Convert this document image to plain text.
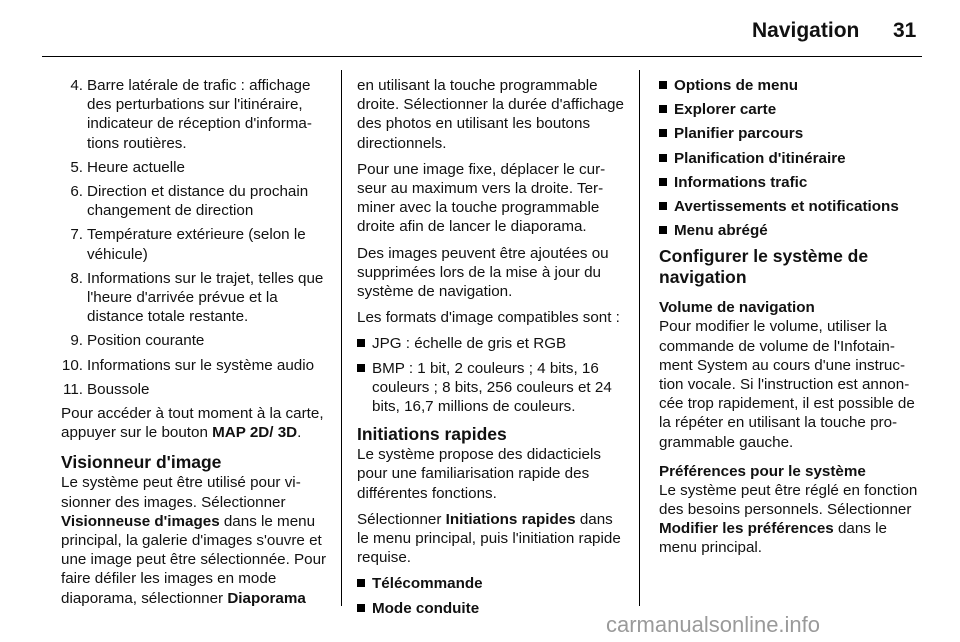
Navigation 31
4. Barre latérale de trafic : affichage des perturbations sur l'itinéraire, indicateur de réception d'informations routières.
5. Heure actuelle
6. Direction et distance du prochain changement de direction
7. Température extérieure (selon le véhicule)
8. Informations sur le trajet, telles que l'heure d'arrivée prévue et la distance totale restante.
9. Position courante
10. Informations sur le système audio
11. Boussole

Pour accéder à tout moment à la carte, appuyer sur le bouton MAP 2D/ 3D.

Visionneur d'image

Le système peut être utilisé pour visionner des images. Sélectionner Visionneuse d'images dans le menu principal, la galerie d'images s'ouvre et une image peut être sélectionnée. Pour faire défiler les images en mode diaporama, sélectionner Diaporama

en utilisant la touche programmable droite. Sélectionner la durée d'affichage des photos en utilisant les boutons directionnels.

Pour une image fixe, déplacer le curseur au maximum vers la droite. Terminer avec la touche programmable droite afin de lancer le diaporama.

Des images peuvent être ajoutées ou supprimées lors de la mise à jour du système de navigation.

Les formats d'image compatibles sont :

JPG : échelle de gris et RGB
BMP : 1 bit, 2 couleurs ; 4 bits, 16 couleurs ; 8 bits, 256 couleurs et 24 bits, 16,7 millions de couleurs.
Initiations rapides

Le système propose des didacticiels pour une familiarisation rapide des différentes fonctions.

Sélectionner Initiations rapides dans le menu principal, puis l'initiation rapide requise.

Télécommande
Mode conduite
Options de menu
Explorer carte
Planifier parcours
Planification d'itinéraire
Informations trafic
Avertissements et notifications
Menu abrégé
Configurer le système de navigation
Volume de navigation

Pour modifier le volume, utiliser la commande de volume de l'Infotainment System au cours d'une instruction vocale. Si l'instruction est annoncée trop rapidement, il est possible de la répéter en utilisant la touche programmable gauche.

Préférences pour le système

Le système peut être réglé en fonction des besoins personnels. Sélectionner Modifier les préférences dans le menu principal.

carmanualsonline.info
